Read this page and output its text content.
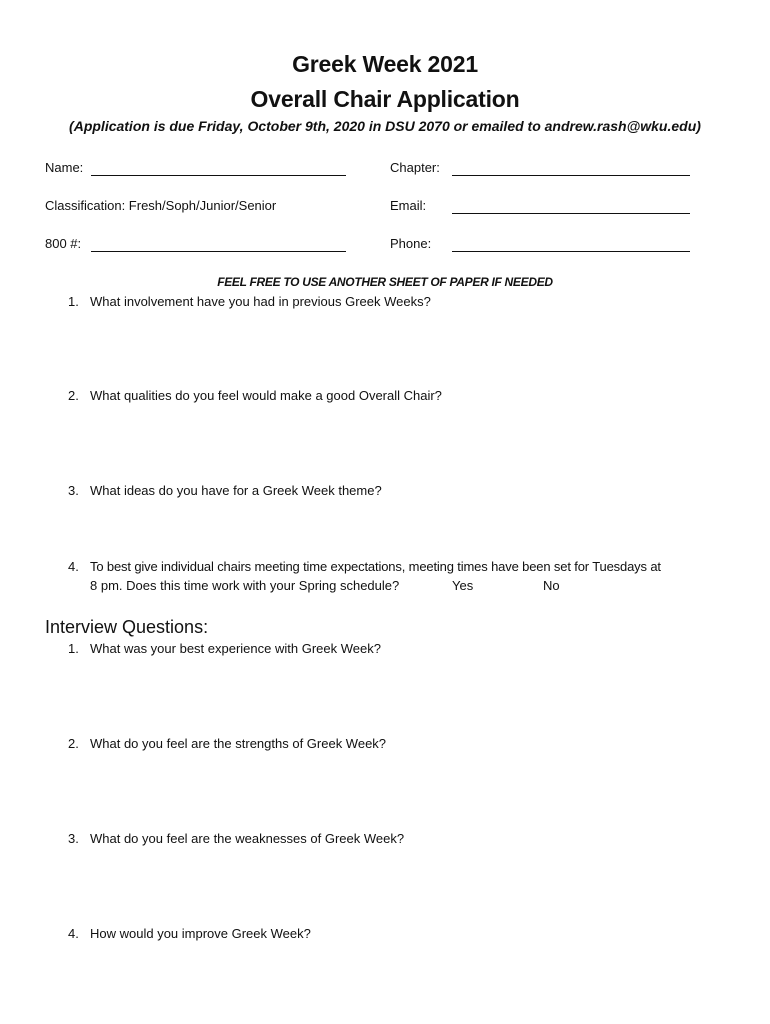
Greek Week 2021
Overall Chair Application
(Application is due Friday, October 9th, 2020 in DSU 2070 or emailed to andrew.rash@wku.edu)
Name:	Chapter:
Classification: Fresh/Soph/Junior/Senior	Email:
800 #:	Phone:
FEEL FREE TO USE ANOTHER SHEET OF PAPER IF NEEDED
1. What involvement have you had in previous Greek Weeks?
2. What qualities do you feel would make a good Overall Chair?
3. What ideas do you have for a Greek Week theme?
4. To best give individual chairs meeting time expectations, meeting times have been set for Tuesdays at
8 pm. Does this time work with your Spring schedule?	Yes	No
Interview Questions:
1. What was your best experience with Greek Week?
2. What do you feel are the strengths of Greek Week?
3. What do you feel are the weaknesses of Greek Week?
4. How would you improve Greek Week?
